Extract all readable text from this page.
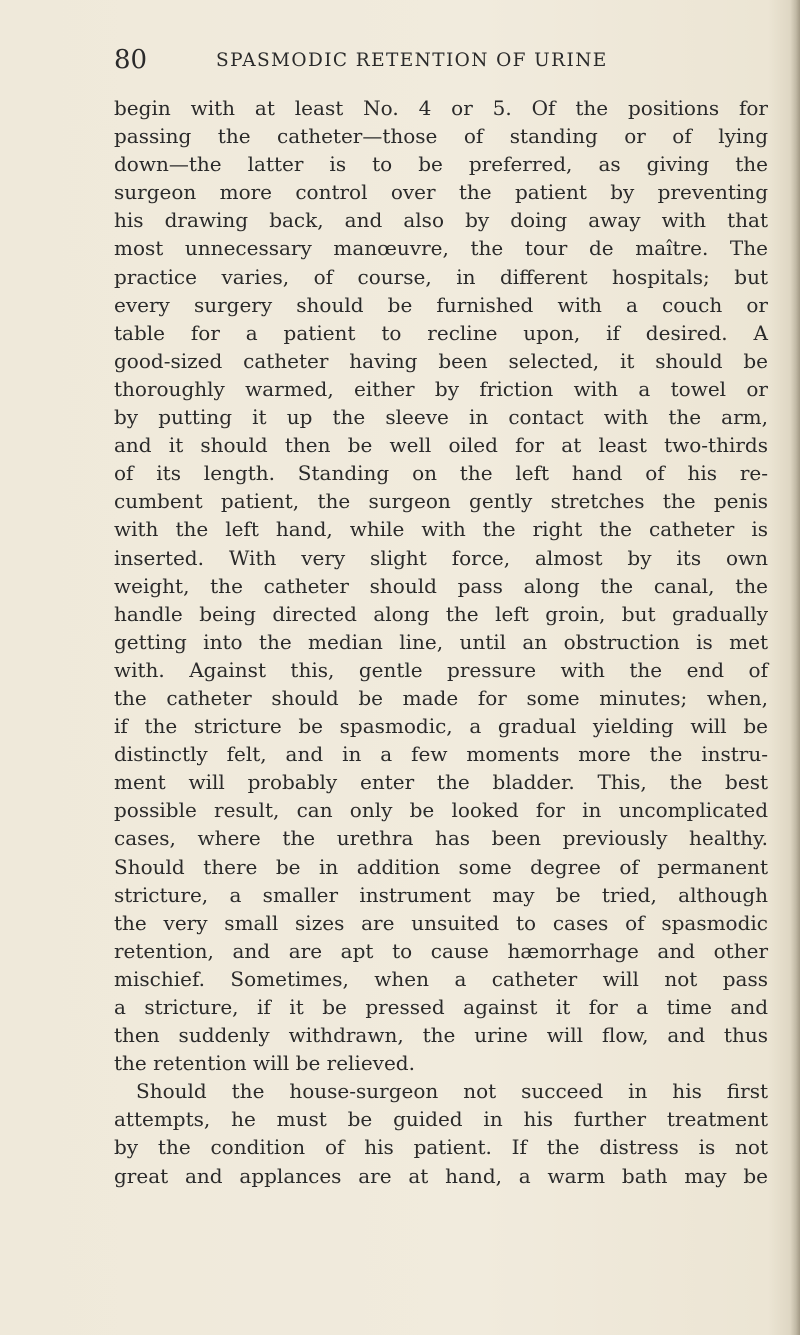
80	SPASMODIC RETENTION OF URINE
begin with at least No. 4 or 5. Of the positions for
passing the catheter—those of standing or of lying
down—the latter is to be preferred, as giving the
surgeon more control over the patient by preventing
his drawing back, and also by doing away with that
most unnecessary manœuvre, the tour de maître. The
practice varies, of course, in different hospitals; but
every surgery should be furnished with a couch or
table for a patient to recline upon, if desired. A
good-sized catheter having been selected, it should be
thoroughly warmed, either by friction with a towel or
by putting it up the sleeve in contact with the arm,
and it should then be well oiled for at least two-thirds
of its length. Standing on the left hand of his re-
cumbent patient, the surgeon gently stretches the penis
with the left hand, while with the right the catheter is
inserted. With very slight force, almost by its own
weight, the catheter should pass along the canal, the
handle being directed along the left groin, but gradually
getting into the median line, until an obstruction is met
with. Against this, gentle pressure with the end of
the catheter should be made for some minutes; when,
if the stricture be spasmodic, a gradual yielding will be
distinctly felt, and in a few moments more the instru-
ment will probably enter the bladder. This, the best
possible result, can only be looked for in uncomplicated
cases, where the urethra has been previously healthy.
Should there be in addition some degree of permanent
stricture, a smaller instrument may be tried, although
the very small sizes are unsuited to cases of spasmodic
retention, and are apt to cause hæmorrhage and other
mischief. Sometimes, when a catheter will not pass
a stricture, if it be pressed against it for a time and
then suddenly withdrawn, the urine will flow, and thus
the retention will be relieved.
Should the house-surgeon not succeed in his first
attempts, he must be guided in his further treatment
by the condition of his patient. If the distress is not
great and applances are at hand, a warm bath may be
